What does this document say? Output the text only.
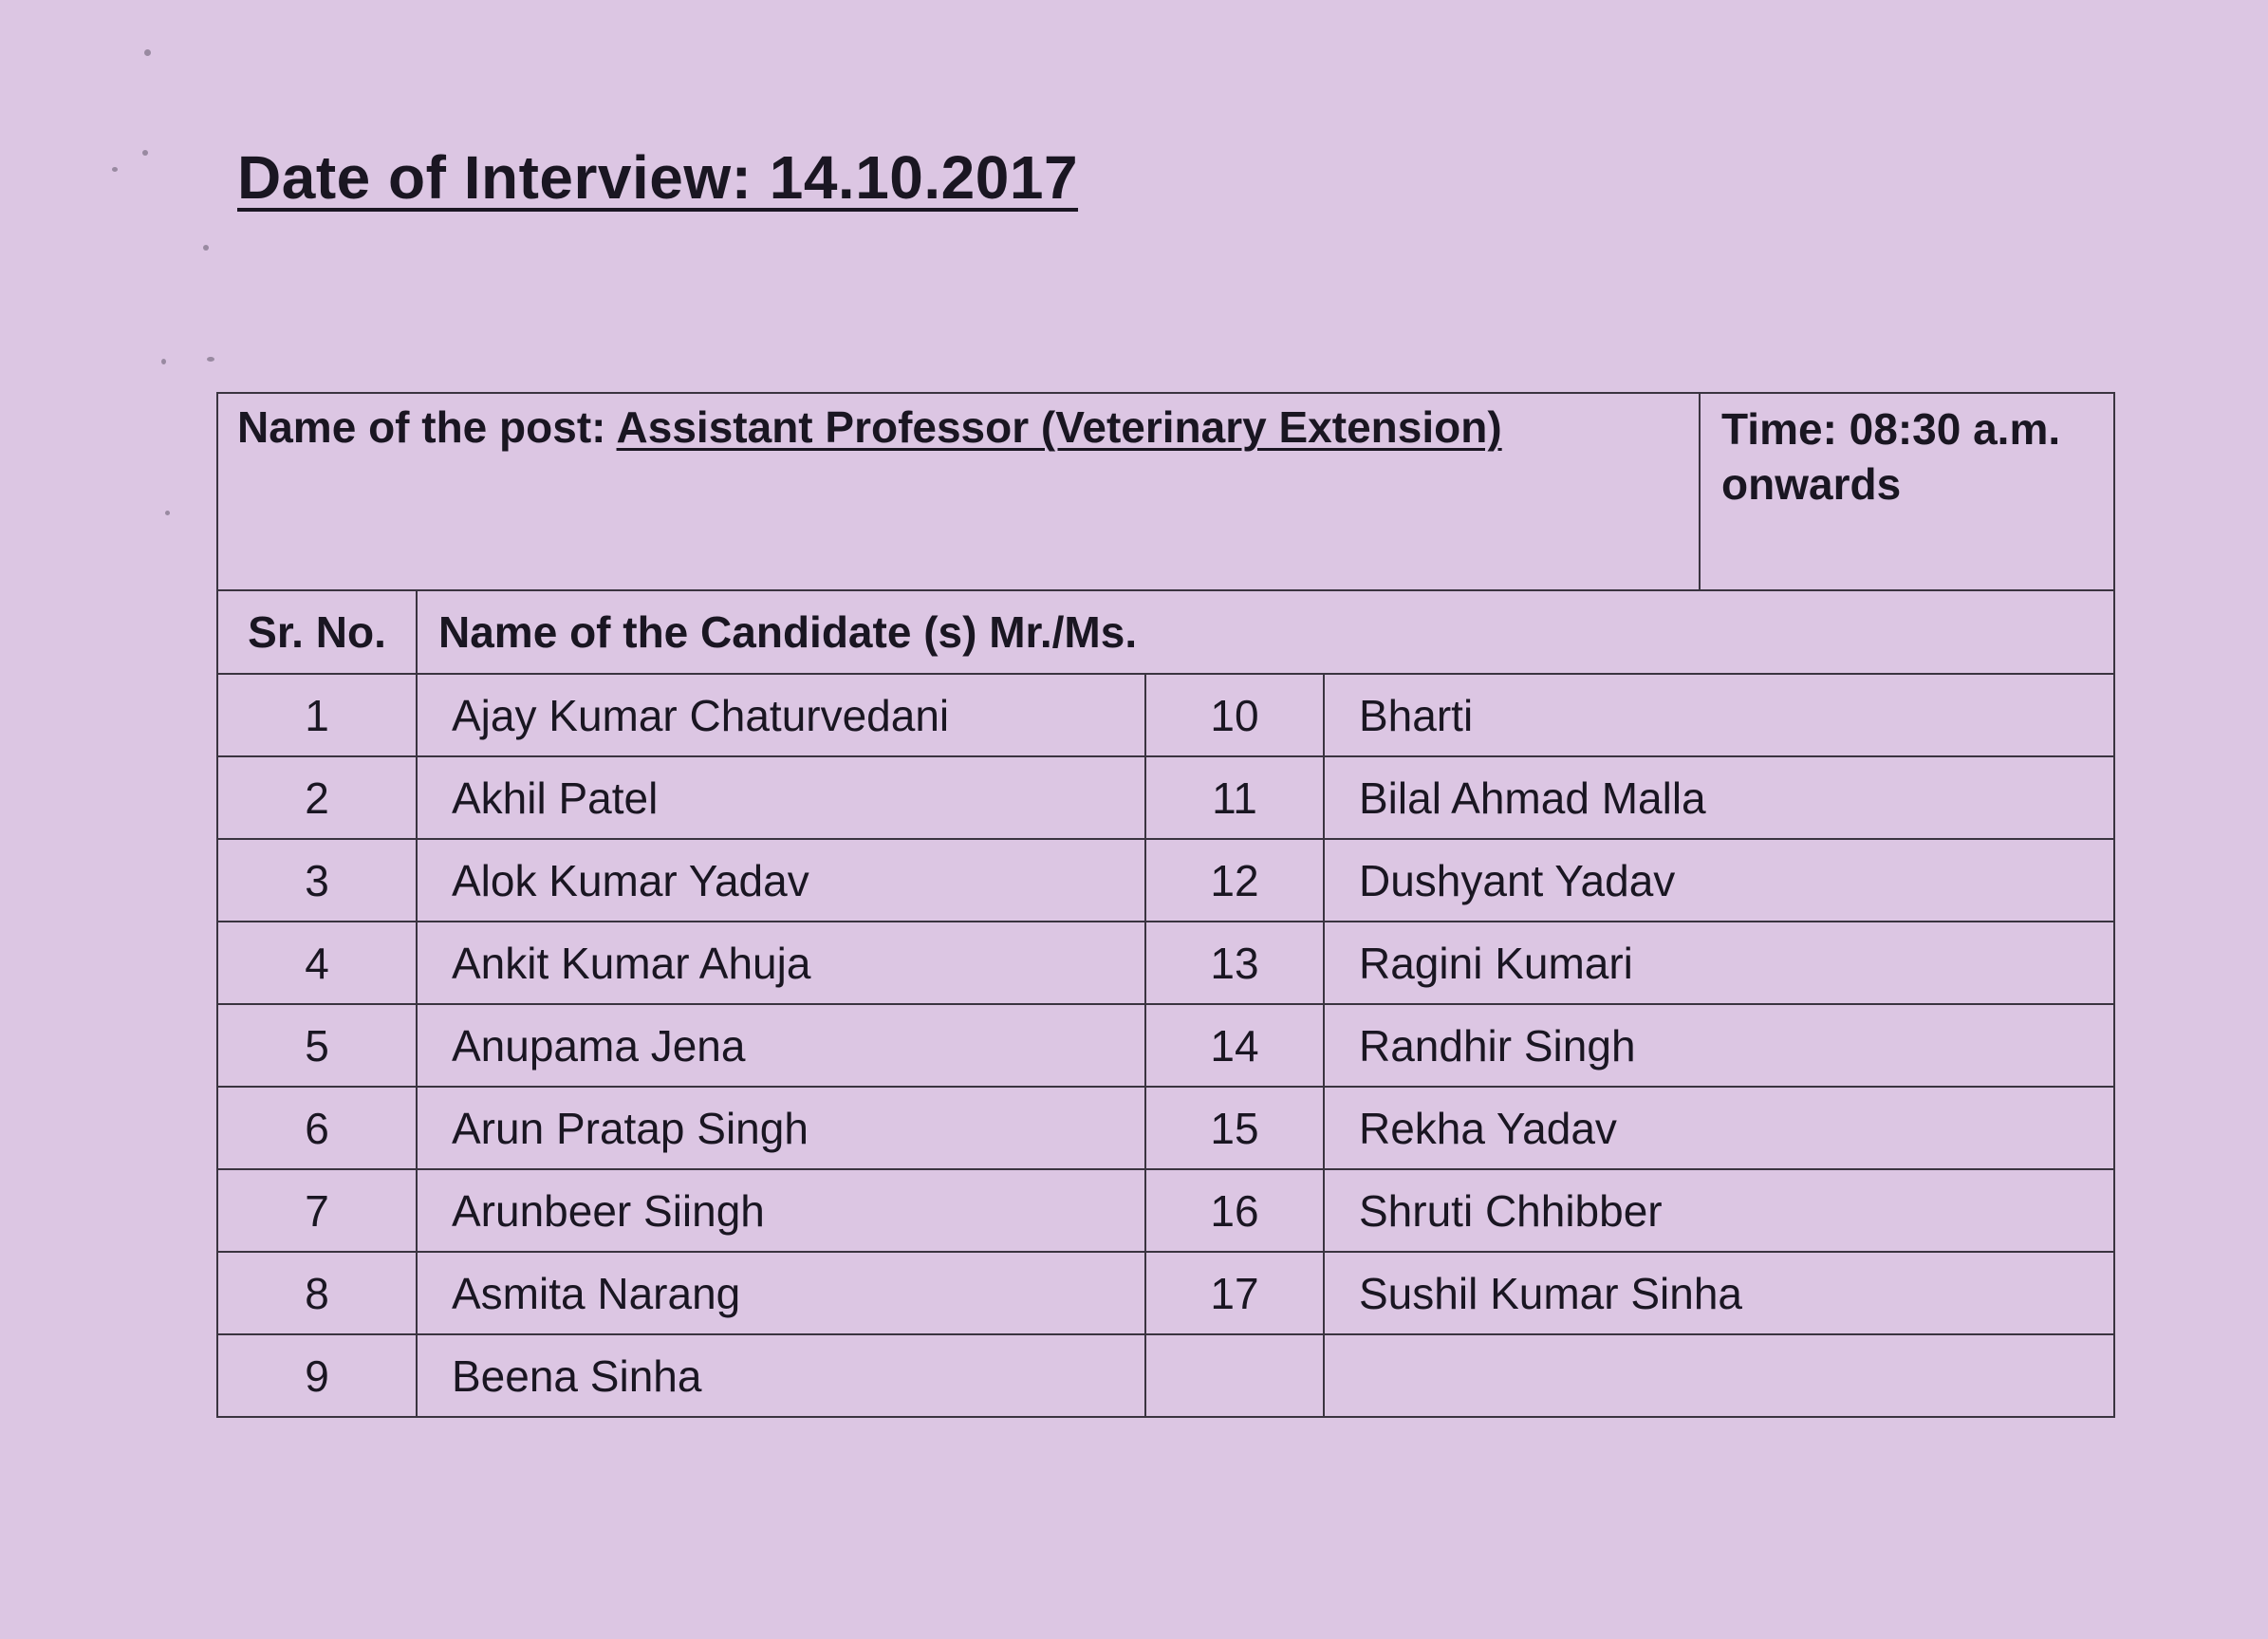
Date of Interview: 14.10.2017
Name of the post: Assistant Professor (Veterinary Extension)				Time: 08:30 a.m.
onwards

Sr. No.	Name of the Candidate (s) Mr./Ms.			
1	Ajay Kumar Chaturvedani	10	Bharti	
2	Akhil Patel	11	Bilal Ahmad Malla	
3	Alok Kumar Yadav	12	Dushyant Yadav	
4	Ankit Kumar Ahuja	13	Ragini Kumari	
5	Anupama Jena	14	Randhir Singh	
6	Arun Pratap Singh	15	Rekha Yadav	
7	Arunbeer Siingh	16	Shruti Chhibber	
8	Asmita Narang	17	Sushil Kumar Sinha	
9	Beena Sinha			
